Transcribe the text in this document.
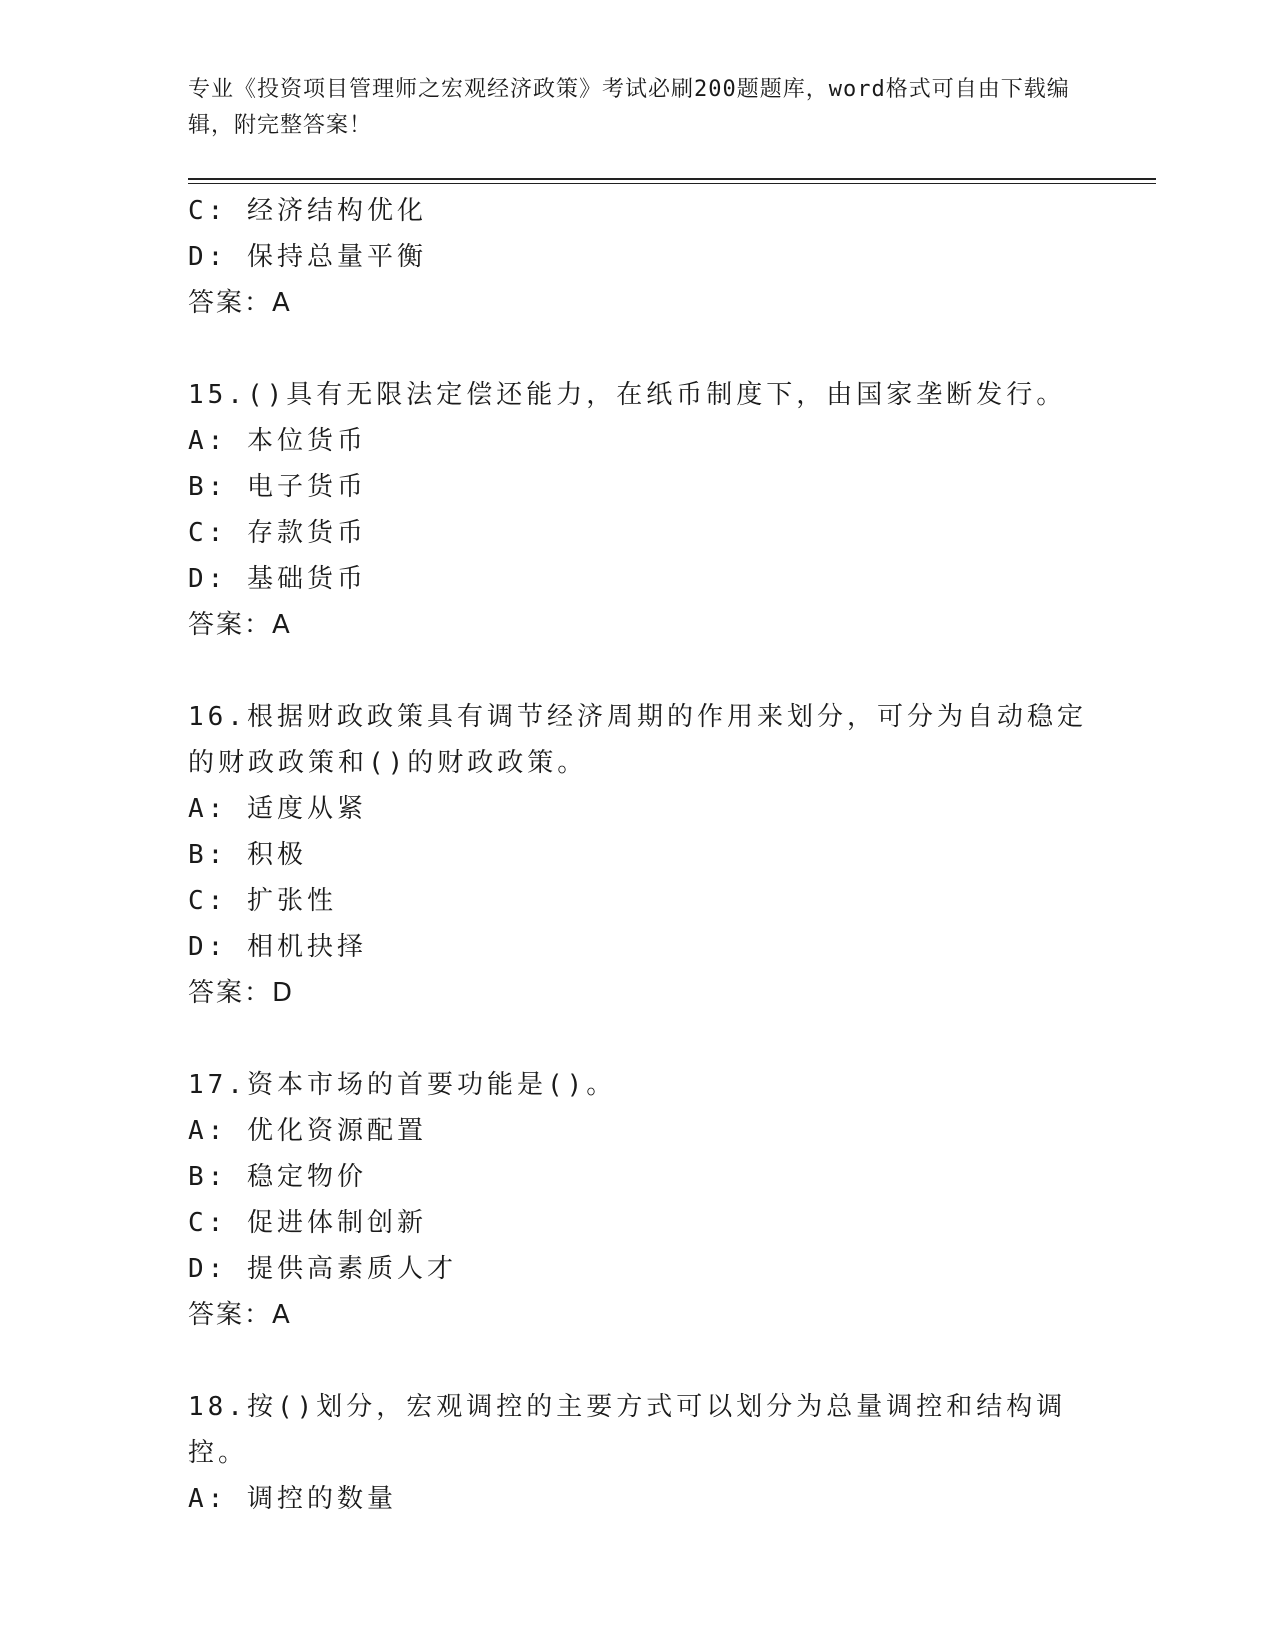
专业《投资项目管理师之宏观经济政策》考试必刷200题题库，word格式可自由下载编辑，附完整答案！
C: 经济结构优化
D: 保持总量平衡
答案：A
15.()具有无限法定偿还能力，在纸币制度下，由国家垄断发行。
A: 本位货币
B: 电子货币
C: 存款货币
D: 基础货币
答案：A
16.根据财政政策具有调节经济周期的作用来划分，可分为自动稳定的财政政策和()的财政政策。
A: 适度从紧
B: 积极
C: 扩张性
D: 相机抉择
答案：D
17.资本市场的首要功能是()。
A: 优化资源配置
B: 稳定物价
C: 促进体制创新
D: 提供高素质人才
答案：A
18.按()划分，宏观调控的主要方式可以划分为总量调控和结构调控。
A: 调控的数量
